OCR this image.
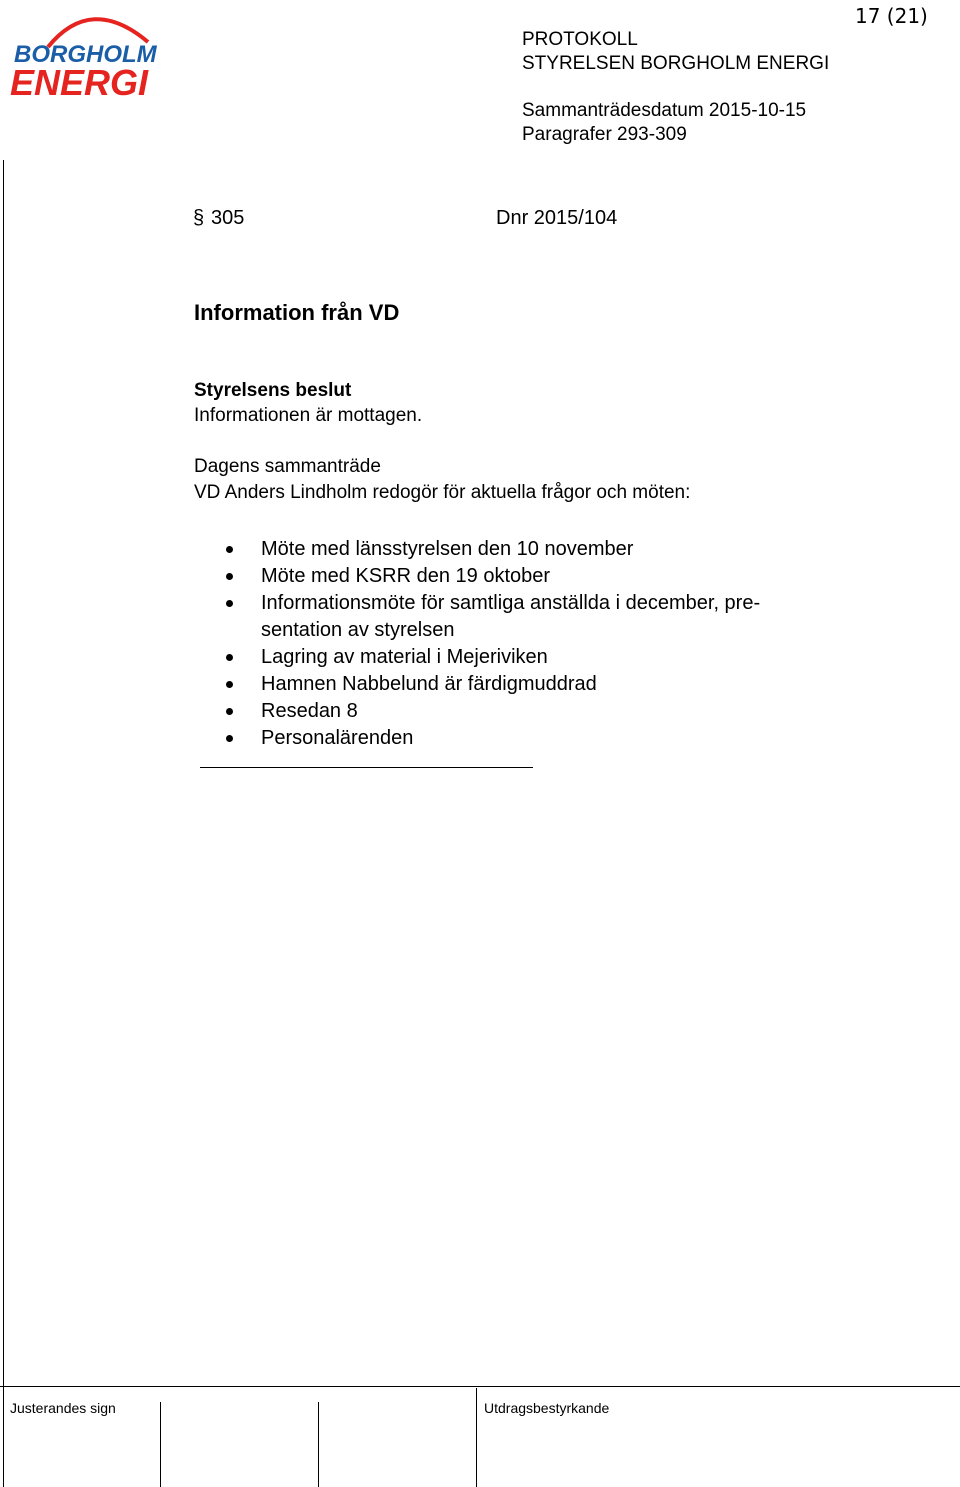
BORGHOLM
ENERGI
17 (21)
PROTOKOLL
STYRELSEN BORGHOLM ENERGI
Sammanträdesdatum 2015-10-15
Paragrafer 293-309
§ 305	Dnr 2015/104
Information från VD
Styrelsens beslut
Informationen är mottagen.
Dagens sammanträde
VD Anders Lindholm redogör för aktuella frågor och möten:
Möte med länsstyrelsen den 10 november
Möte med KSRR den 19 oktober
Informationsmöte för samtliga anställda i december, pre-
sentation av styrelsen
Lagring av material i Mejeriviken
Hamnen Nabbelund är färdigmuddrad
Resedan 8
Personalärenden
Justerandes sign	Utdragsbestyrkande
